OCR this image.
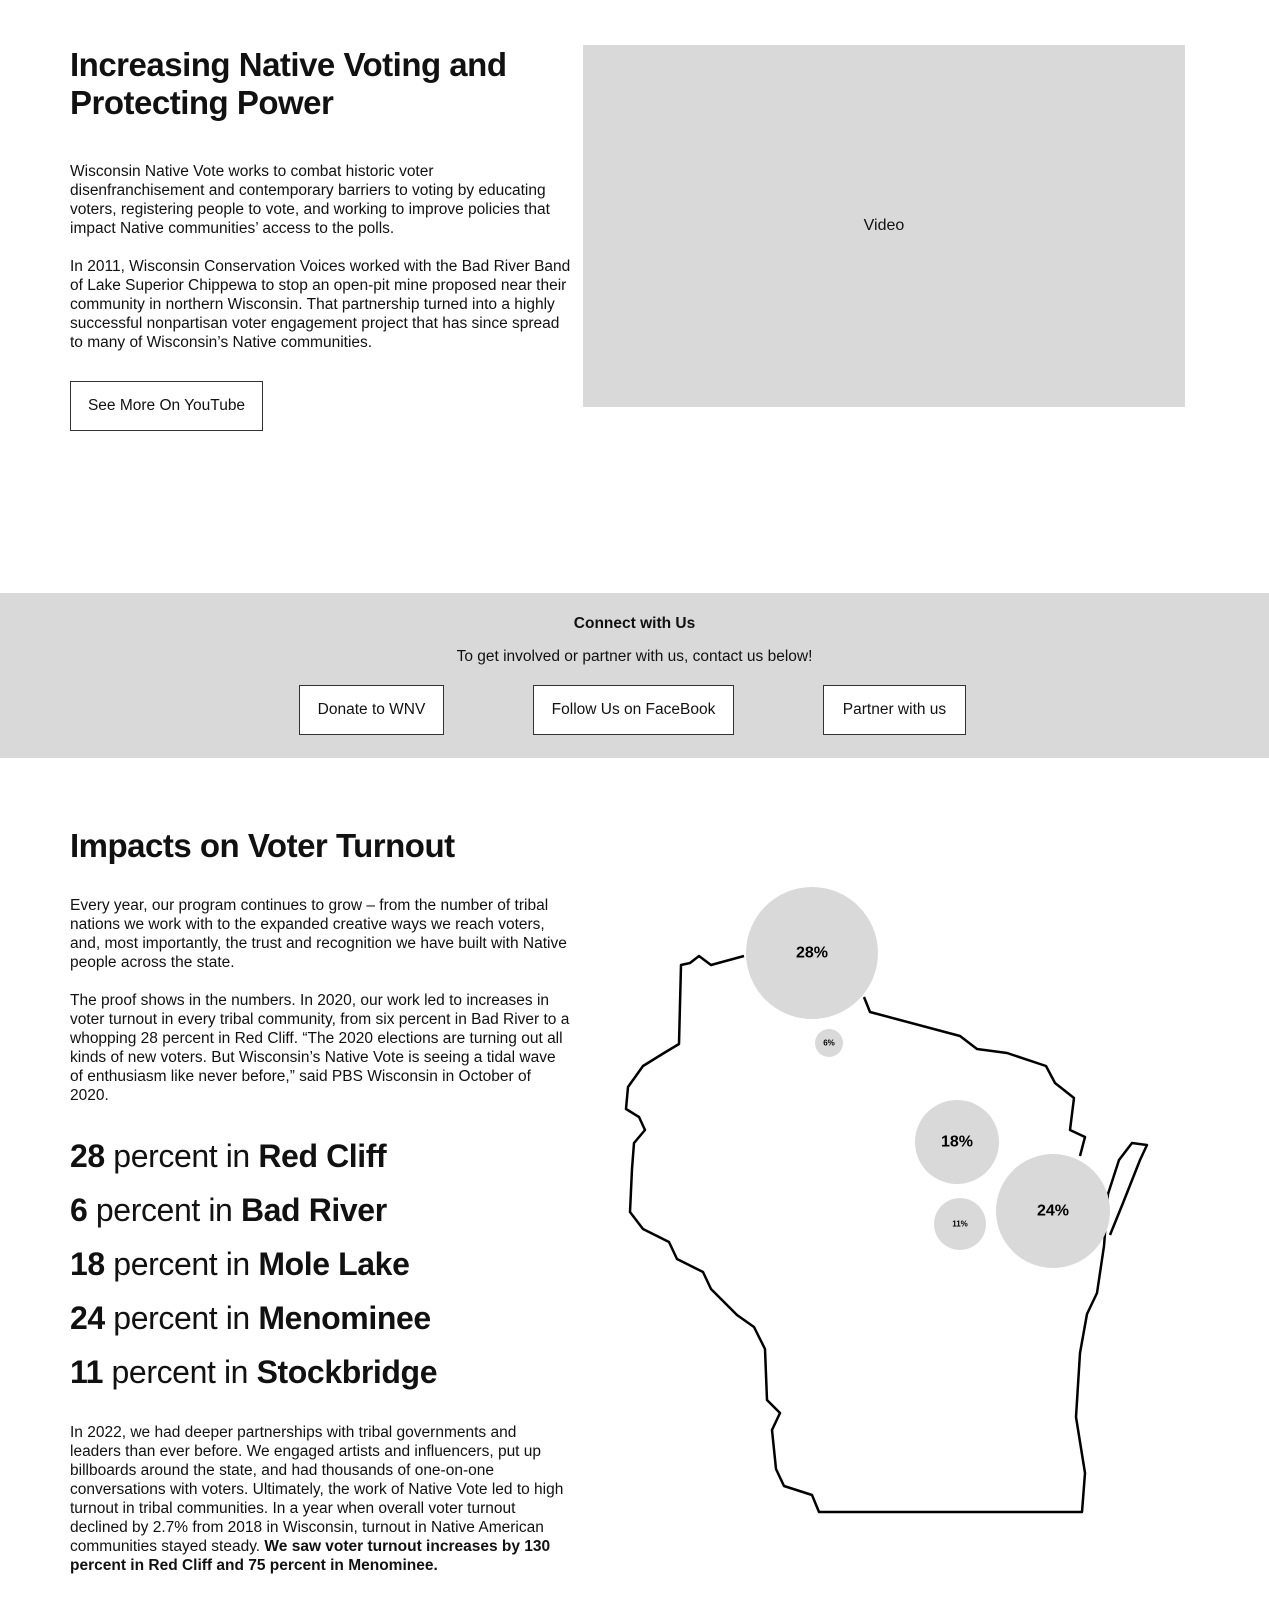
Increasing Native Voting and
Protecting Power

Wisconsin Native Vote works to combat historic voter disenfranchisement and contemporary barriers to voting by educating voters, registering people to vote, and working to improve policies that impact Native communities’ access to the polls.

In 2011, Wisconsin Conservation Voices worked with the Bad River Band of Lake Superior Chippewa to stop an open-pit mine proposed near their community in northern Wisconsin. That partnership turned into a highly successful nonpartisan voter engagement project that has since spread to many of Wisconsin’s Native communities.

See More On YouTube
Video
Connect with Us
To get involved or partner with us, contact us below!
Donate to WNV	Follow Us on FaceBook	Partner with us
Impacts on Voter Turnout

Every year, our program continues to grow – from the number of tribal nations we work with to the expanded creative ways we reach voters, and, most importantly, the trust and recognition we have built with Native people across the state.

The proof shows in the numbers. In 2020, our work led to increases in voter turnout in every tribal community, from six percent in Bad River to a whopping 28 percent in Red Cliff. “The 2020 elections are turning out all kinds of new voters. But Wisconsin’s Native Vote is seeing a tidal wave of enthusiasm like never before,” said PBS Wisconsin in October of 2020.

28 percent in Red Cliff
6 percent in Bad River
18 percent in Mole Lake
24 percent in Menominee
11 percent in Stockbridge

In 2022, we had deeper partnerships with tribal governments and leaders than ever before. We engaged artists and influencers, put up billboards around the state, and had thousands of one-on-one conversations with voters. Ultimately, the work of Native Vote led to high turnout in tribal communities. In a year when overall voter turnout declined by 2.7% from 2018 in Wisconsin, turnout in Native American communities stayed steady. We saw voter turnout increases by 130 percent in Red Cliff and 75 percent in Menominee.

28%
6%
18%
11%
24%
